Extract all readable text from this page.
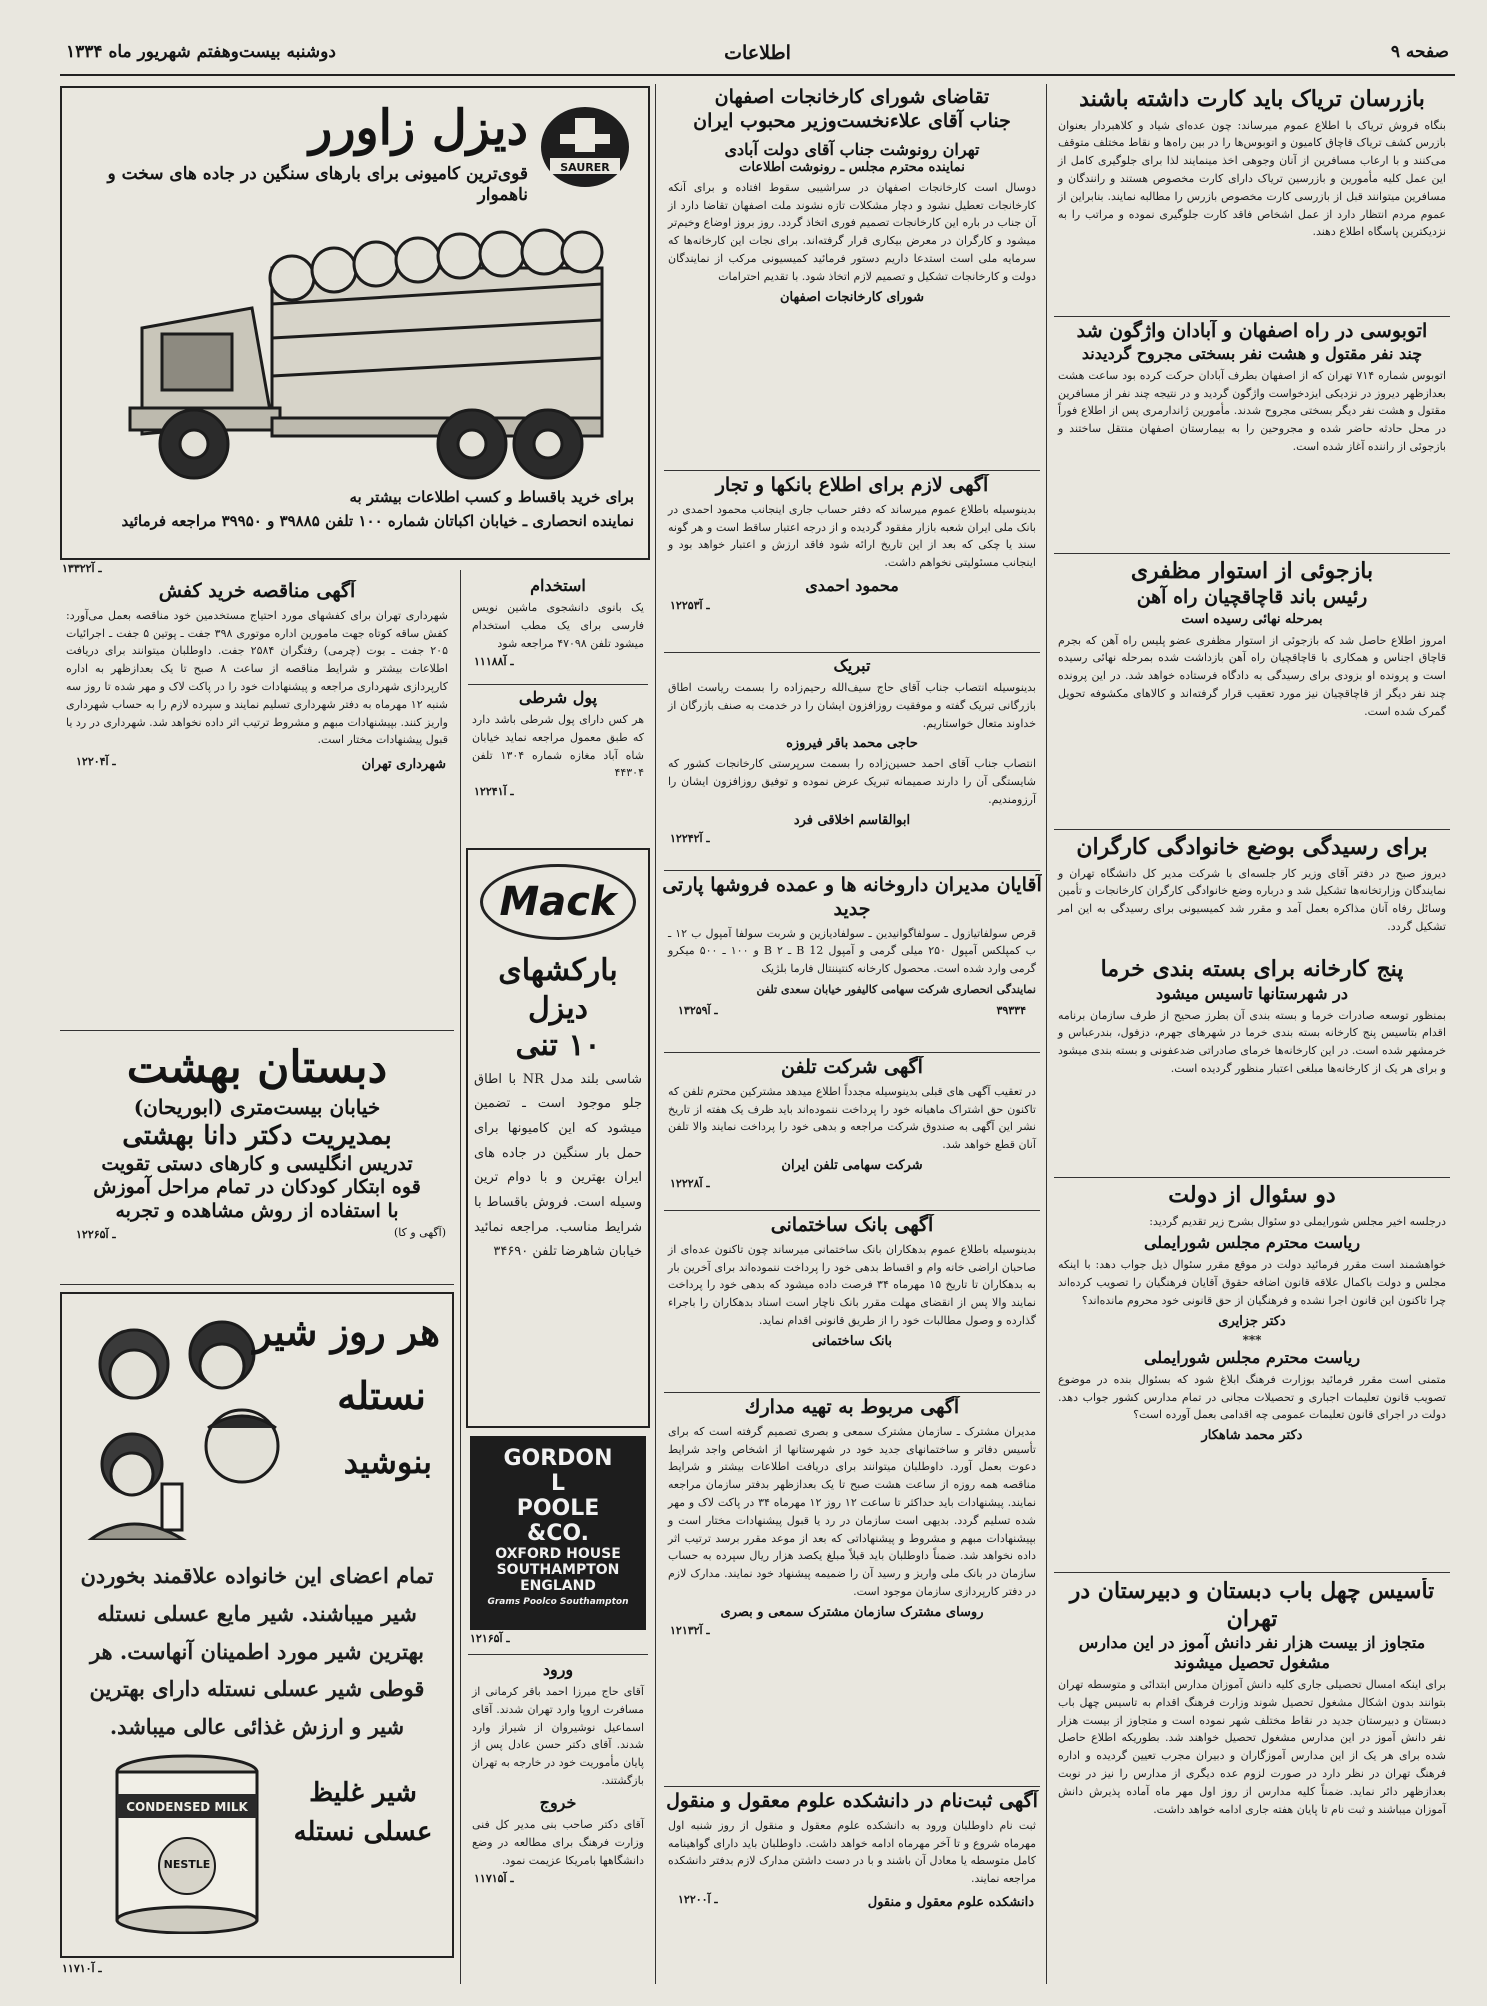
صفحه ۹
اطلاعات
دوشنبه بیست‌وهفتم شهریور ماه ۱۳۳۴

بازرسان تریاک باید کارت داشته باشند

بنگاه فروش تریاک با اطلاع عموم میرساند: چون عده‌ای شیاد و کلاهبردار بعنوان بازرس کشف تریاک قاچاق کامیون و اتوبوس‌ها را در بین راه‌ها و نقاط مختلف متوقف می‌کنند و با ارعاب مسافرین از آنان وجوهی اخذ مینمایند لذا برای جلوگیری کامل از این عمل کلیه مأمورین و بازرسین تریاک دارای کارت مخصوص هستند و رانندگان و مسافرین میتوانند قبل از بازرسی کارت مخصوص بازرس را مطالبه نمایند. بنابراین از عموم مردم انتظار دارد از عمل اشخاص فاقد کارت جلوگیری نموده و مراتب را به نزدیکترین پاسگاه اطلاع دهند.

اتوبوسی در راه اصفهان و آبادان واژگون شد

چند نفر مقتول و هشت نفر بسختی مجروح گردیدند

اتوبوس شماره ۷۱۴ تهران که از اصفهان بطرف آبادان حرکت کرده بود ساعت هشت بعدازظهر دیروز در نزدیکی ایزدخواست واژگون گردید و در نتیجه چند نفر از مسافرین مقتول و هشت نفر دیگر بسختی مجروح شدند. مأمورین ژاندارمری پس از اطلاع فوراً در محل حادثه حاضر شده و مجروحین را به بیمارستان اصفهان منتقل ساختند و بازجوئی از راننده آغاز شده است.

بازجوئی از استوار مظفری

رئیس باند قاچاقچیان راه آهن

بمرحله نهائی رسیده است

امروز اطلاع حاصل شد که بازجوئی از استوار مظفری عضو پلیس راه آهن که بجرم قاچاق اجناس و همکاری با قاچاقچیان راه آهن بازداشت شده بمرحله نهائی رسیده است و پرونده او بزودی برای رسیدگی به دادگاه فرستاده خواهد شد. در این پرونده چند نفر دیگر از قاچاقچیان نیز مورد تعقیب قرار گرفته‌اند و کالاهای مکشوفه تحویل گمرک شده است.

برای رسیدگی بوضع خانوادگی کارگران

دیروز صبح در دفتر آقای وزیر کار جلسه‌ای با شرکت مدیر کل دانشگاه تهران و نمایندگان وزارتخانه‌ها تشکیل شد و درباره وضع خانوادگی کارگران کارخانجات و تأمین وسائل رفاه آنان مذاکره بعمل آمد و مقرر شد کمیسیونی برای رسیدگی به این امر تشکیل گردد.

پنج کارخانه برای بسته بندی خرما

در شهرستانها تاسیس میشود

بمنظور توسعه صادرات خرما و بسته بندی آن بطرز صحیح از طرف سازمان برنامه اقدام بتاسیس پنج کارخانه بسته بندی خرما در شهرهای جهرم، دزفول، بندرعباس و خرمشهر شده است. در این کارخانه‌ها خرمای صادراتی ضدعفونی و بسته بندی میشود و برای هر یک از کارخانه‌ها مبلغی اعتبار منظور گردیده است.

دو سئوال از دولت

درجلسه اخیر مجلس شورایملی دو سئوال بشرح زیر تقدیم گردید:

ریاست محترم مجلس شورایملی

خواهشمند است مقرر فرمائید دولت در موقع مقرر سئوال ذیل جواب دهد: با اینکه مجلس و دولت باکمال علاقه قانون اضافه حقوق آقایان فرهنگیان را تصویب کرده‌اند چرا تاکنون این قانون اجرا نشده و فرهنگیان از حق قانونی خود محروم مانده‌اند؟

دکتر جزایری

***

ریاست محترم مجلس شورایملی

متمنی است مقرر فرمائید بوزارت فرهنگ ابلاغ شود که بسئوال بنده در موضوع تصویب قانون تعلیمات اجباری و تحصیلات مجانی در تمام مدارس کشور جواب دهد. دولت در اجرای قانون تعلیمات عمومی چه اقدامی بعمل آورده است؟

دکتر محمد شاهکار

تأسیس چهل باب دبستان و دبیرستان در تهران

متجاوز از بیست هزار نفر دانش آموز در این مدارس مشغول تحصیل میشوند

برای اینکه امسال تحصیلی جاری کلیه دانش آموزان مدارس ابتدائی و متوسطه تهران بتوانند بدون اشکال مشغول تحصیل شوند وزارت فرهنگ اقدام به تاسیس چهل باب دبستان و دبیرستان جدید در نقاط مختلف شهر نموده است و متجاوز از بیست هزار نفر دانش آموز در این مدارس مشغول تحصیل خواهند شد. بطوریکه اطلاع حاصل شده برای هر یک از این مدارس آموزگاران و دبیران مجرب تعیین گردیده و اداره فرهنگ تهران در نظر دارد در صورت لزوم عده دیگری از مدارس را نیز در نوبت بعدازظهر دائر نماید. ضمناً کلیه مدارس از روز اول مهر ماه آماده پذیرش دانش آموزان میباشند و ثبت نام تا پایان هفته جاری ادامه خواهد داشت.

تقاضای شورای کارخانجات اصفهان

جناب آقای علاءنخست‌وزیر محبوب ایران

تهران رونوشت جناب آقای دولت آبادی

نماینده محترم مجلس ـ رونوشت اطلاعات

دوسال است کارخانجات اصفهان در سراشیبی سقوط افتاده و برای آنکه کارخانجات تعطیل نشود و دچار مشکلات تازه نشوند ملت اصفهان تقاضا دارد از آن جناب در باره این کارخانجات تصمیم فوری اتخاذ گردد. روز بروز اوضاع وخیم‌تر میشود و کارگران در معرض بیکاری قرار گرفته‌اند. برای نجات این کارخانه‌ها که سرمایه ملی است استدعا داریم دستور فرمائید کمیسیونی مرکب از نمایندگان دولت و کارخانجات تشکیل و تصمیم لازم اتخاذ شود. با تقدیم احترامات

شورای کارخانجات اصفهان

آگهی لازم برای اطلاع بانکها و تجار

بدینوسیله باطلاع عموم میرساند که دفتر حساب جاری اینجانب محمود احمدی در بانک ملی ایران شعبه بازار مفقود گردیده و از درجه اعتبار ساقط است و هر گونه سند یا چکی که بعد از این تاریخ ارائه شود فاقد ارزش و اعتبار خواهد بود و اینجانب مسئولیتی نخواهم داشت.

محمود احمدی

۱۲۲۵۳ـ آ

تبریک

بدینوسیله انتصاب جناب آقای حاج سیف‌الله رحیم‌زاده را بسمت ریاست اطاق بازرگانی تبریک گفته و موفقیت روزافزون ایشان را در خدمت به صنف بازرگان از خداوند متعال خواستاریم.

حاجی محمد باقر فیروزه

انتصاب جناب آقای احمد حسین‌زاده را بسمت سرپرستی کارخانجات کشور که شایستگی آن را دارند صمیمانه تبریک عرض نموده و توفیق روزافزون ایشان را آرزومندیم.

ابوالقاسم اخلاقی فرد

۱۲۲۴۲ـ آ

آقایان مدیران داروخانه ها و عمده فروشها پارتی جدید

قرص سولفاتیازول ـ سولفاگوانیدین ـ سولفادیازین و شربت سولفا آمپول ب ۱۲ ـ ب کمپلکس آمپول ۲۵۰ میلی گرمی و آمپول B 12 ـ B ۲ و ۱۰۰ ـ ۵۰۰ میکرو گرمی وارد شده است. محصول کارخانه کنتیننتال فارما بلژیک

نمایندگی انحصاری شرکت سهامی کالیفور خیابان سعدی تلفن

۳۹۳۳۴
۱۳۲۵۹ـ آ

آگهی شرکت تلفن

در تعقیب آگهی های قبلی بدینوسیله مجدداً اطلاع میدهد مشترکین محترم تلفن که تاکنون حق اشتراک ماهیانه خود را پرداخت ننموده‌اند باید ظرف یک هفته از تاریخ نشر این آگهی به صندوق شرکت مراجعه و بدهی خود را پرداخت نمایند والا تلفن آنان قطع خواهد شد.

شرکت سهامی تلفن ایران

۱۲۲۲۸ـ آ

آگهی بانک ساختمانی

بدینوسیله باطلاع عموم بدهکاران بانک ساختمانی میرساند چون تاکنون عده‌ای از صاحبان اراضی خانه وام و اقساط بدهی خود را پرداخت ننموده‌اند برای آخرین بار به بدهکاران تا تاریخ ۱۵ مهرماه ۳۴ فرصت داده میشود که بدهی خود را پرداخت نمایند والا پس از انقضای مهلت مقرر بانک ناچار است اسناد بدهکاران را باجراء گذارده و وصول مطالبات خود را از طریق قانونی اقدام نماید.

بانک ساختمانی

آگهی مربوط به تهیه مدارك

مدیران مشترک ـ سازمان مشترک سمعی و بصری تصمیم گرفته است که برای تأسیس دفاتر و ساختمانهای جدید خود در شهرستانها از اشخاص واجد شرایط دعوت بعمل آورد. داوطلبان میتوانند برای دریافت اطلاعات بیشتر و شرایط مناقصه همه روزه از ساعت هشت صبح تا یک بعدازظهر بدفتر سازمان مراجعه نمایند. پیشنهادات باید حداکثر تا ساعت ۱۲ روز ۱۲ مهرماه ۳۴ در پاکت لاک و مهر شده تسلیم گردد. بدیهی است سازمان در رد یا قبول پیشنهادات مختار است و بپیشنهادات مبهم و مشروط و پیشنهاداتی که بعد از موعد مقرر برسد ترتیب اثر داده نخواهد شد. ضمناً داوطلبان باید قبلاً مبلغ یکصد هزار ریال سپرده به حساب سازمان در بانک ملی واریز و رسید آن را ضمیمه پیشنهاد خود نمایند. مدارک لازم در دفتر کارپردازی سازمان موجود است.

روسای مشترک سازمان مشترک سمعی و بصری

۱۲۱۳۲ـ آ

آگهی ثبت‌نام در دانشکده علوم معقول و منقول

ثبت نام داوطلبان ورود به دانشکده علوم معقول و منقول از روز شنبه اول مهرماه شروع و تا آخر مهرماه ادامه خواهد داشت. داوطلبان باید دارای گواهینامه کامل متوسطه یا معادل آن باشند و با در دست داشتن مدارک لازم بدفتر دانشکده مراجعه نمایند.

دانشکده علوم معقول و منقول
۱۲۲۰۰ـ آ

استخدام

یک بانوی دانشجوی ماشین نویس فارسی برای یک مطب استخدام میشود تلفن ۴۷۰۹۸ مراجعه شود

۱۱۱۸۸ـ آ

پول شرطی

هر کس دارای پول شرطی باشد دارد که طبق معمول مراجعه نماید خیابان شاه آباد مغازه شماره ۱۳۰۴ تلفن ۴۴۳۰۴

۱۲۲۴۱ـ آ

Mack

بارکشهای دیزل

۱۰ تنی

شاسی بلند مدل NR با اطاق جلو موجود است ـ تضمین میشود که این کامیونها برای حمل بار سنگین در جاده های ایران بهترین و با دوام ترین وسیله است. فروش باقساط با شرایط مناسب. مراجعه نمائید خیابان شاهرضا تلفن ۳۴۶۹۰

GORDON
L
POOLE
&CO.
OXFORD HOUSE
SOUTHAMPTON
ENGLAND
Grams Poolco Southampton

۱۲۱۶۵ـ آ

ورود

آقای حاج میرزا احمد باقر کرمانی از مسافرت اروپا وارد تهران شدند. آقای اسماعیل نوشیروان از شیراز وارد شدند. آقای دکتر حسن عادل پس از پایان مأموریت خود در خارجه به تهران بازگشتند.

خروج

آقای دکتر صاحب بنی مدیر کل فنی وزارت فرهنگ برای مطالعه در وضع دانشگاهها بامریکا عزیمت نمود.

۱۱۷۱۵ـ آ

SAURER

دیزل زاورر

قوی‌ترین کامیونی برای بارهای سنگین در جاده های سخت و ناهموار

برای خرید باقساط و کسب اطلاعات بیشتر به

نماینده انحصاری ـ خیابان اکباتان شماره ۱۰۰ تلفن ۳۹۸۸۵ و ۳۹۹۵۰ مراجعه فرمائید

۱۳۳۲۲ـ آ

آگهی مناقصه خرید کفش

شهرداری تهران برای کفشهای مورد احتیاج مستخدمین خود مناقصه بعمل می‌آورد: کفش ساقه کوتاه جهت مامورین اداره موتوری ۳۹۸ جفت ـ پوتین ۵ جفت ـ اجرائیات ۲۰۵ جفت ـ بوت (چرمی) رفتگران ۲۵۸۴ جفت. داوطلبان میتوانند برای دریافت اطلاعات بیشتر و شرایط مناقصه از ساعت ۸ صبح تا یک بعدازظهر به اداره کارپردازی شهرداری مراجعه و پیشنهادات خود را در پاکت لاک و مهر شده تا روز سه شنبه ۱۲ مهرماه به دفتر شهرداری تسلیم نمایند و سپرده لازم را به حساب شهرداری واریز کنند. بپیشنهادات مبهم و مشروط ترتیب اثر داده نخواهد شد. شهرداری در رد یا قبول پیشنهادات مختار است.

شهرداری تهران
۱۲۲۰۴ـ آ

دبستان بهشت

خیابان بیست‌متری (ابوریحان)

بمدیریت دکتر دانا بهشتی

تدریس انگلیسی و کارهای دستی تقویت

قوه ابتکار کودکان در تمام مراحل آموزش

با استفاده از روش مشاهده و تجربه

(آگهی و کا)
۱۲۲۶۵ـ آ

هر روز شیر

نستله

بنوشید

تمام اعضای این خانواده علاقمند بخوردن شیر میباشند. شیر مایع عسلی نستله بهترین شیر مورد اطمینان آنهاست. هر قوطی شیر عسلی نستله دارای بهترین شیر و ارزش غذائی عالی میباشد.

CONDENSED MILK
NESTLE

شیر غلیظ عسلی نستله

۱۱۷۱۰ـ آ
